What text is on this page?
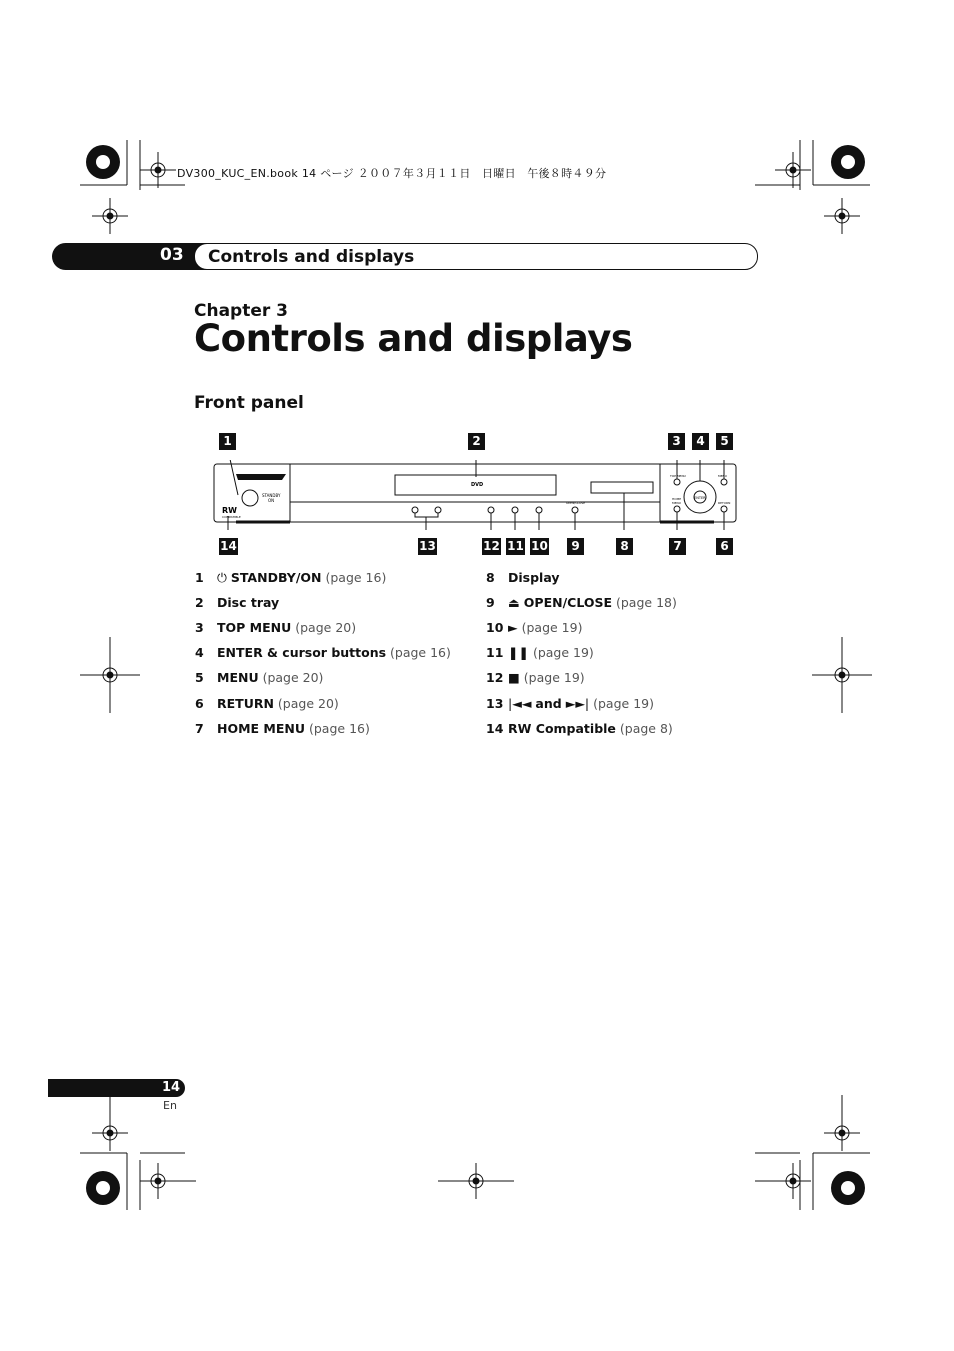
DV300_KUC_EN.book 14 ページ ２００７年３月１１日　日曜日　午後８時４９分
03	Controls and displays
Chapter 3
Controls and displays
Front panel
1	2	3	4	5
14	13	12 11 10	9	8	7	6
STANDBY
ON
RW
COMPATIBLE
DVD
TOP MENU	MENU
ENTER
HOME
MENU	RETURN
OPEN/CLOSE
1 ⏻ STANDBY/ON (page 16)
2 Disc tray
3 TOP MENU (page 20)
4 ENTER & cursor buttons (page 16)
5 MENU (page 20)
6 RETURN (page 20)
7 HOME MENU (page 16)
8 Display
9 ⏏ OPEN/CLOSE (page 18)
10 ► (page 19)
11 ❚❚ (page 19)
12 ■ (page 19)
13 |◄◄ and ►►| (page 19)
14 RW Compatible (page 8)
14
En
